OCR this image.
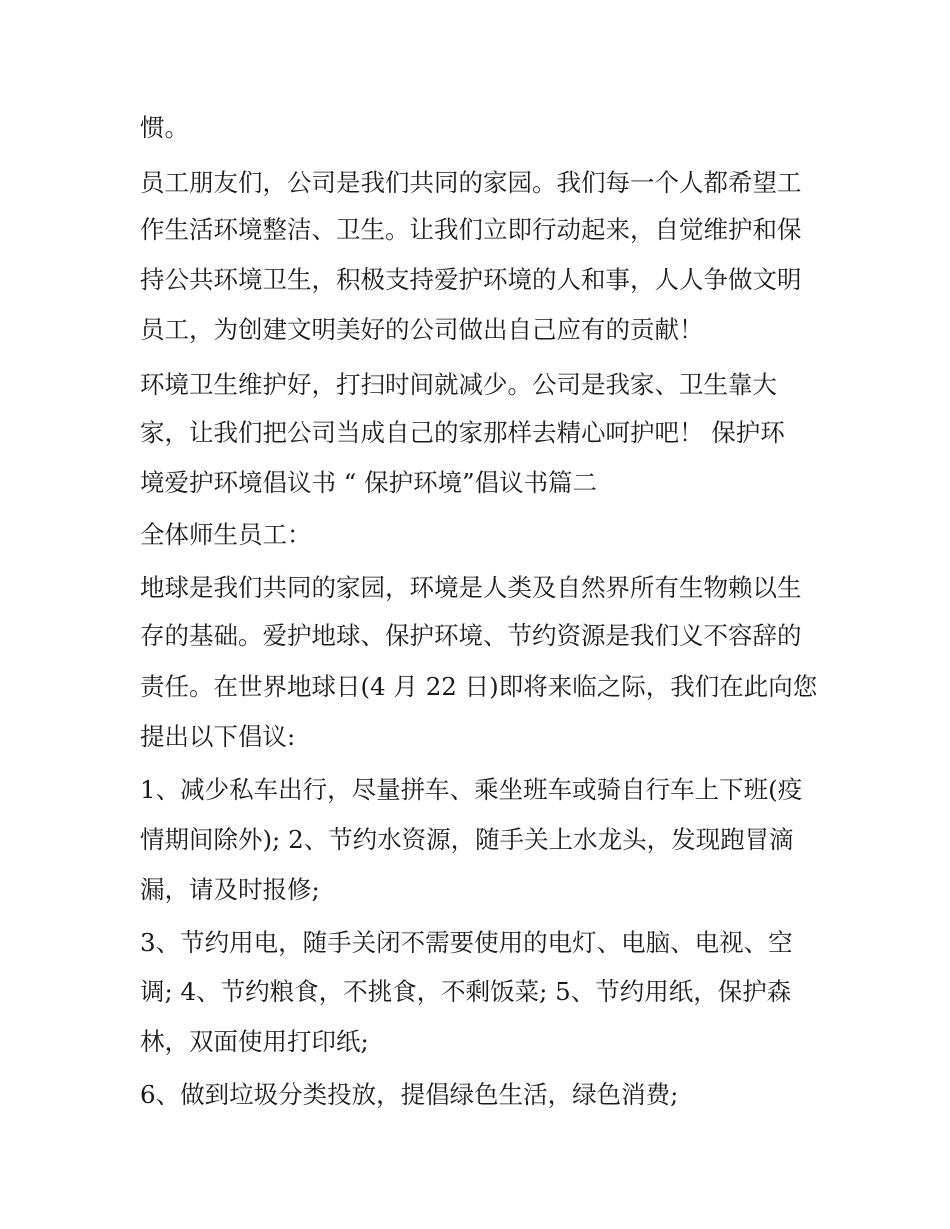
惯。

员工朋友们，公司是我们共同的家园。我们每一个人都希望工

作生活环境整洁、卫生。让我们立即行动起来，自觉维护和保

持公共环境卫生，积极支持爱护环境的人和事，人人争做文明

员工，为创建文明美好的公司做出自己应有的贡献！

环境卫生维护好，打扫时间就减少。公司是我家、卫生靠大

家，让我们把公司当成自己的家那样去精心呵护吧！ 保护环

境爱护环境倡议书 “ 保护环境”倡议书篇二

全体师生员工：

地球是我们共同的家园，环境是人类及自然界所有生物赖以生

存的基础。爱护地球、保护环境、节约资源是我们义不容辞的

责任。在世界地球日(4 月 22 日)即将来临之际，我们在此向您

提出以下倡议:

1、减少私车出行，尽量拼车、乘坐班车或骑自行车上下班(疫

情期间除外); 2、节约水资源，随手关上水龙头，发现跑冒滴

漏，请及时报修;

3、节约用电，随手关闭不需要使用的电灯、电脑、电视、空

调; 4、节约粮食，不挑食，不剩饭菜; 5、节约用纸，保护森

林，双面使用打印纸;

6、做到垃圾分类投放，提倡绿色生活，绿色消费;
